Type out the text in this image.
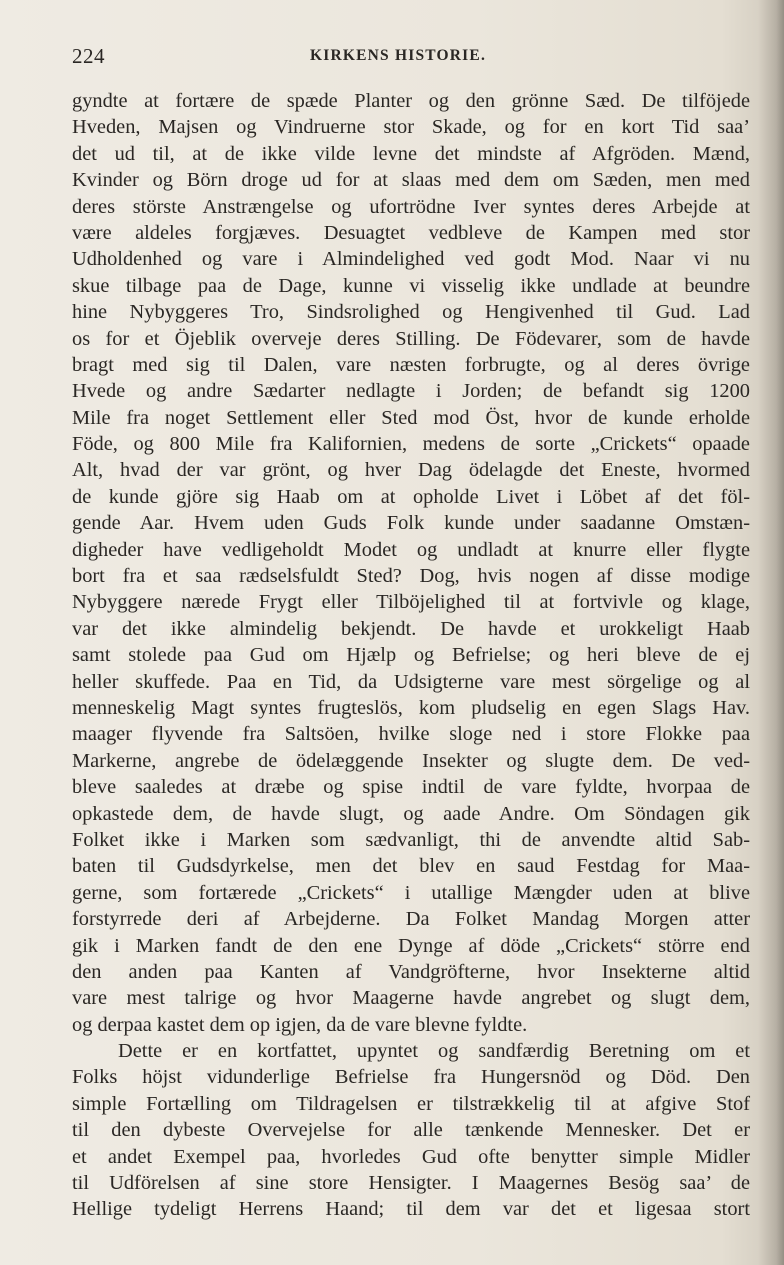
224	KIRKENS HISTORIE.
gyndte at fortære de spæde Planter og den grönne Sæd. De tilföjede
Hveden, Majsen og Vindruerne stor Skade, og for en kort Tid saa’
det ud til, at de ikke vilde levne det mindste af Afgröden. Mænd,
Kvinder og Börn droge ud for at slaas med dem om Sæden, men med
deres störste Anstrængelse og ufortrödne Iver syntes deres Arbejde at
være aldeles forgjæves. Desuagtet vedbleve de Kampen med stor
Udholdenhed og vare i Almindelighed ved godt Mod. Naar vi nu
skue tilbage paa de Dage, kunne vi visselig ikke undlade at beundre
hine Nybyggeres Tro, Sindsrolighed og Hengivenhed til Gud. Lad
os for et Öjeblik overveje deres Stilling. De Födevarer, som de havde
bragt med sig til Dalen, vare næsten forbrugte, og al deres övrige
Hvede og andre Sædarter nedlagte i Jorden; de befandt sig 1200
Mile fra noget Settlement eller Sted mod Öst, hvor de kunde erholde
Föde, og 800 Mile fra Kalifornien, medens de sorte „Crickets“ opaade
Alt, hvad der var grönt, og hver Dag ödelagde det Eneste, hvormed
de kunde gjöre sig Haab om at opholde Livet i Löbet af det föl-
gende Aar. Hvem uden Guds Folk kunde under saadanne Omstæn-
digheder have vedligeholdt Modet og undladt at knurre eller flygte
bort fra et saa rædselsfuldt Sted? Dog, hvis nogen af disse modige
Nybyggere nærede Frygt eller Tilböjelighed til at fortvivle og klage,
var det ikke almindelig bekjendt. De havde et urokkeligt Haab
samt stolede paa Gud om Hjælp og Befrielse; og heri bleve de ej
heller skuffede. Paa en Tid, da Udsigterne vare mest sörgelige og al
menneskelig Magt syntes frugteslös, kom pludselig en egen Slags Hav.
maager flyvende fra Saltsöen, hvilke sloge ned i store Flokke paa
Markerne, angrebe de ödelæggende Insekter og slugte dem. De ved-
bleve saaledes at dræbe og spise indtil de vare fyldte, hvorpaa de
opkastede dem, de havde slugt, og aade Andre. Om Söndagen gik
Folket ikke i Marken som sædvanligt, thi de anvendte altid Sab-
baten til Gudsdyrkelse, men det blev en saud Festdag for Maa-
gerne, som fortærede „Crickets“ i utallige Mængder uden at blive
forstyrrede deri af Arbejderne. Da Folket Mandag Morgen atter
gik i Marken fandt de den ene Dynge af döde „Crickets“ större end
den anden paa Kanten af Vandgröfterne, hvor Insekterne altid
vare mest talrige og hvor Maagerne havde angrebet og slugt dem,
og derpaa kastet dem op igjen, da de vare blevne fyldte.
Dette er en kortfattet, upyntet og sandfærdig Beretning om et
Folks höjst vidunderlige Befrielse fra Hungersnöd og Död. Den
simple Fortælling om Tildragelsen er tilstrækkelig til at afgive Stof
til den dybeste Overvejelse for alle tænkende Mennesker. Det er
et andet Exempel paa, hvorledes Gud ofte benytter simple Midler
til Udförelsen af sine store Hensigter. I Maagernes Besög saa’ de
Hellige tydeligt Herrens Haand; til dem var det et ligesaa stort
